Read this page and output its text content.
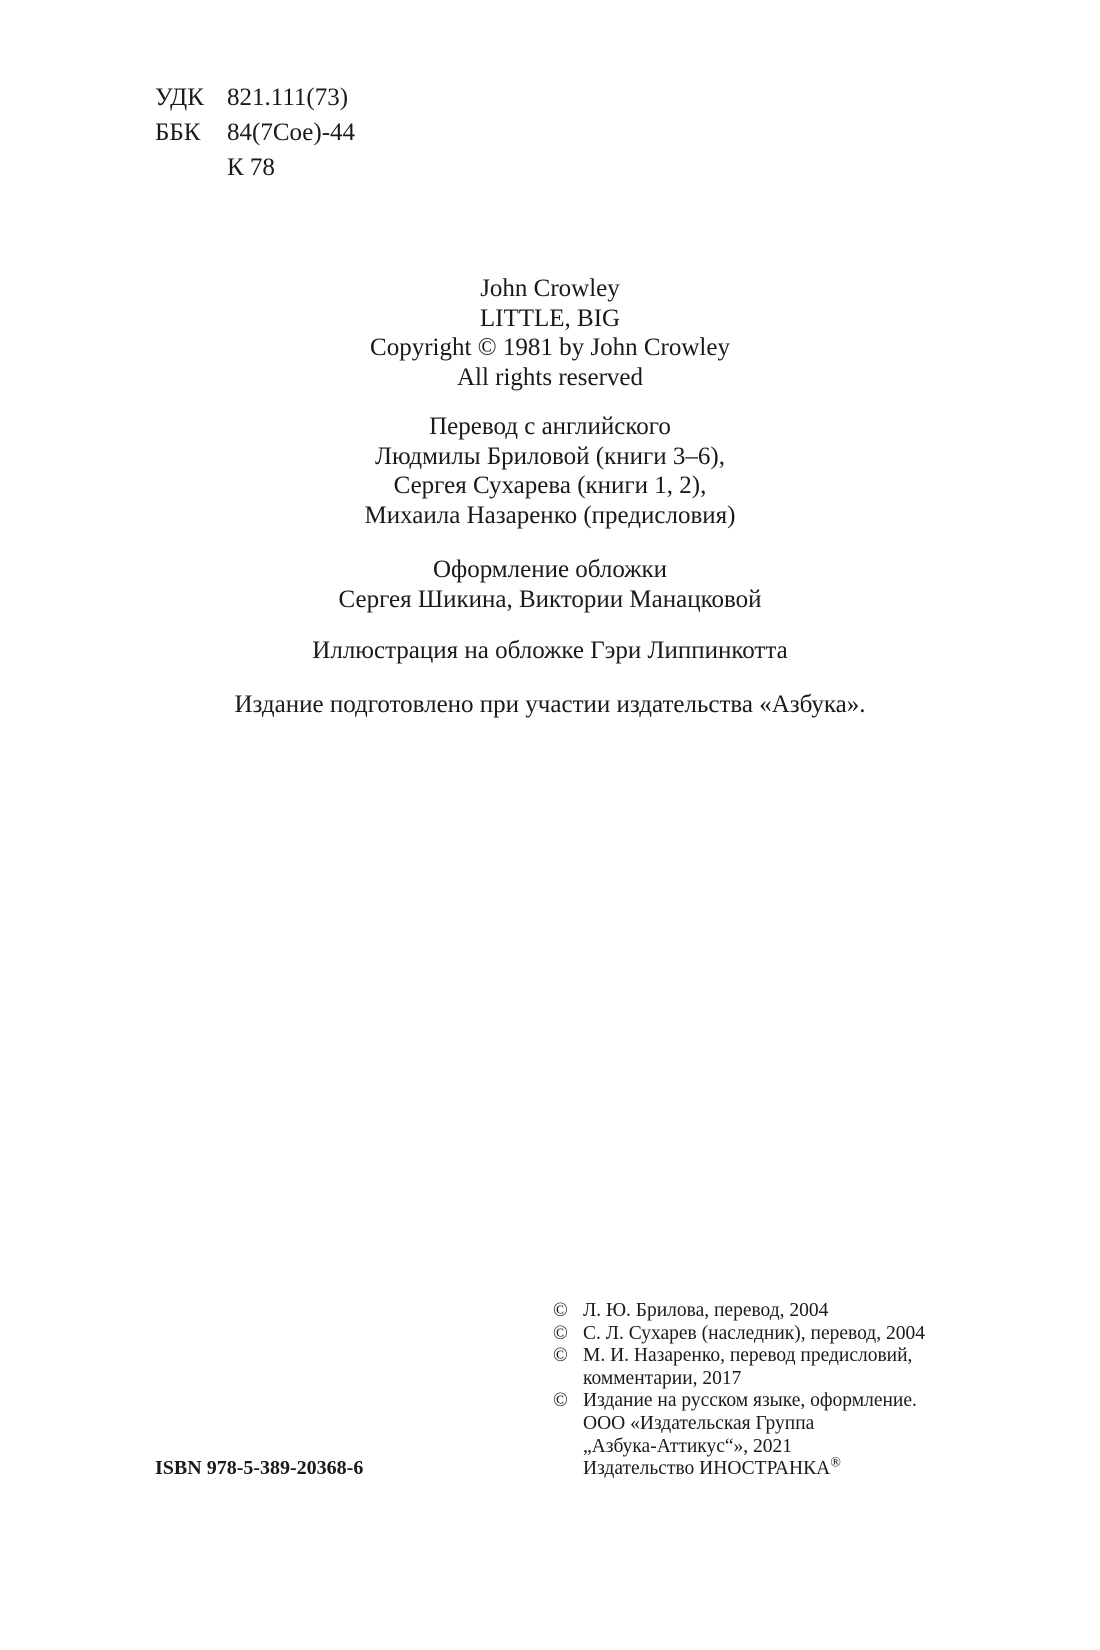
УДК 821.111(73)
ББК	84(7Сое)-44
К 78
John Crowley
LITTLE, BIG
Copyright © 1981 by John Crowley
All rights reserved
Перевод с английского
Людмилы Бриловой (книги 3–6),
Сергея Сухарева (книги 1, 2),
Михаила Назаренко (предисловия)
Оформление обложки
Сергея Шикина, Виктории Манацковой
Иллюстрация на обложке Гэри Липпинкотта
Издание подготовлено при участии издательства «Азбука».
© Л. Ю. Брилова, перевод, 2004
© С. Л. Сухарев (наследник), перевод, 2004
© М. И. Назаренко, перевод предисловий,
комментарии, 2017
© Издание на русском языке, оформление.
ООО «Издательская Группа
„Азбука-Аттикус“», 2021
Издательство ИНОСТРАНКА®
ISBN 978-5-389-20368-6
